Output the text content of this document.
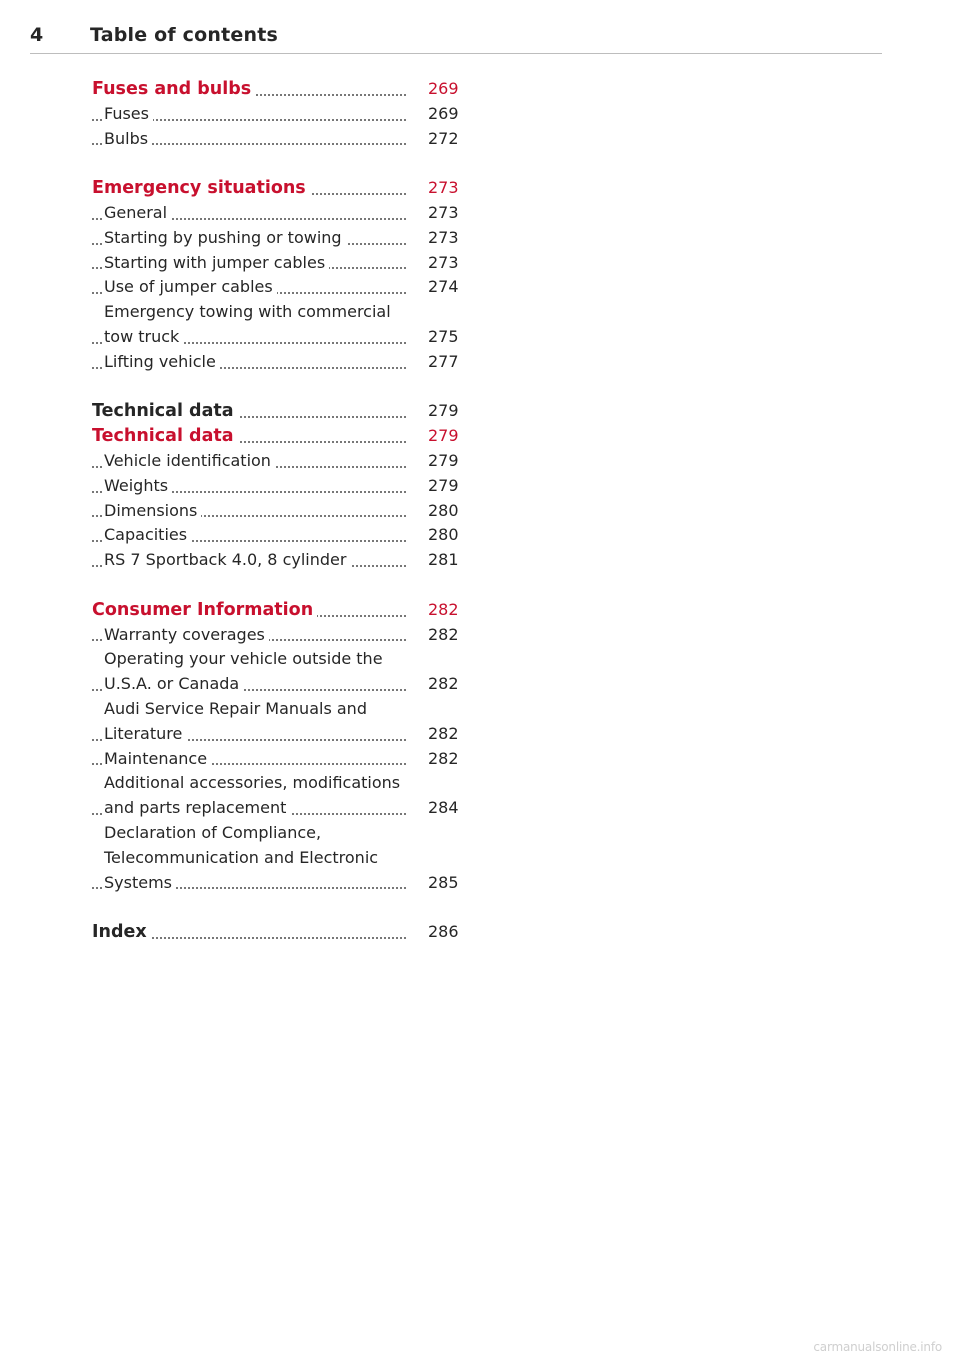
4 Table of contents
Fuses and bulbs	269
Fuses	269
Bulbs	272
Emergency situations	273
General	273
Starting by pushing or towing	273
Starting with jumper cables	273
Use of jumper cables	274
Emergency towing with commercial
tow truck	275
Lifting vehicle	277
Technical data	279
Technical data	279
Vehicle identification	279
Weights	279
Dimensions	280
Capacities	280
RS 7 Sportback 4.0, 8 cylinder	281
Consumer Information	282
Warranty coverages	282
Operating your vehicle outside the
U.S.A. or Canada	282
Audi Service Repair Manuals and
Literature	282
Maintenance	282
Additional accessories, modifications
and parts replacement	284
Declaration of Compliance,
Telecommunication and Electronic
Systems	285
Index	286
carmanualsonline.info
